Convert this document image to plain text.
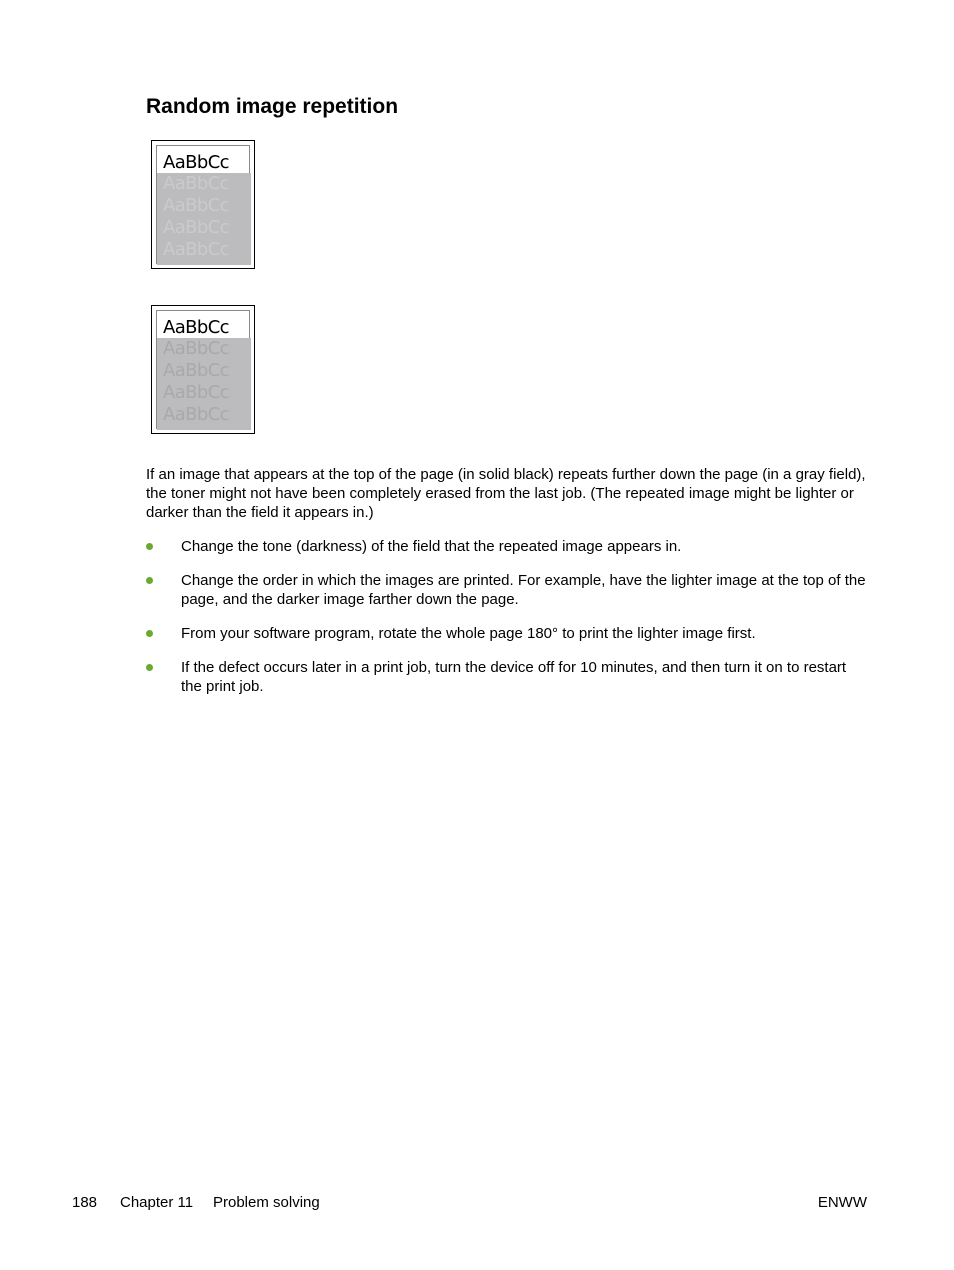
Random image repetition
AaBbCc
AaBbCc
AaBbCc
AaBbCc
AaBbCc
AaBbCc
AaBbCc
AaBbCc
AaBbCc
AaBbCc

If an image that appears at the top of the page (in solid black) repeats further down the page (in a gray field), the toner might not have been completely erased from the last job. (The repeated image might be lighter or darker than the field it appears in.)

Change the tone (darkness) of the field that the repeated image appears in.
Change the order in which the images are printed. For example, have the lighter image at the top of the page, and the darker image farther down the page.
From your software program, rotate the whole page 180° to print the lighter image first.
If the defect occurs later in a print job, turn the device off for 10 minutes, and then turn it on to restart the print job.
188 Chapter 11 Problem solving	ENWW
